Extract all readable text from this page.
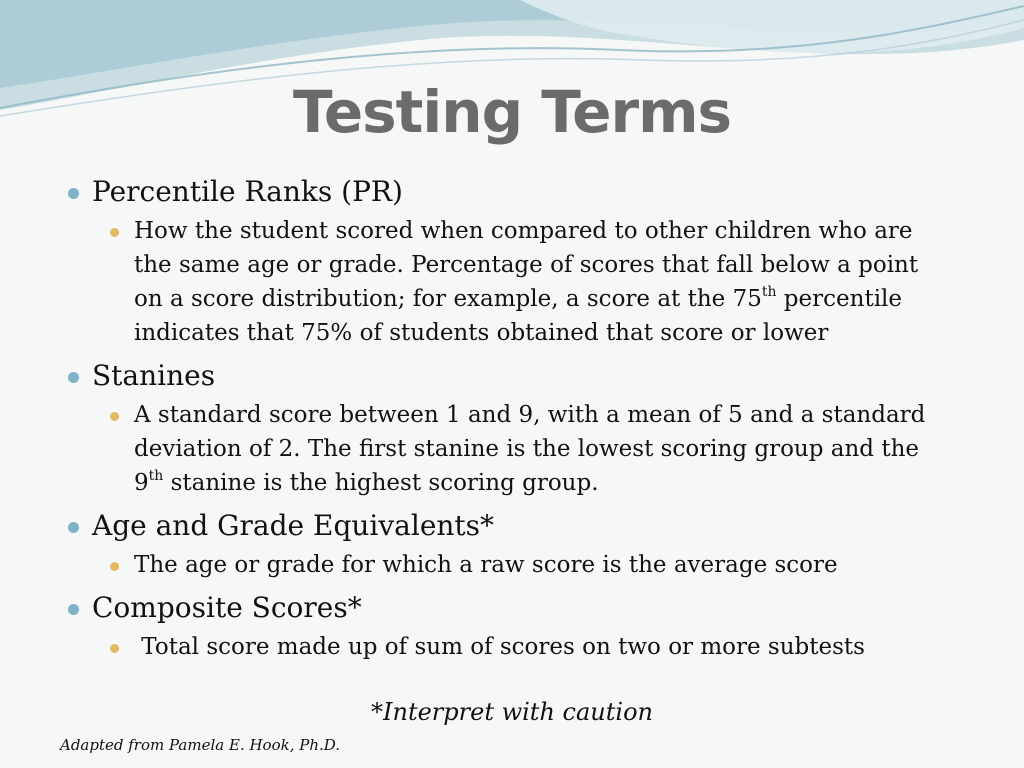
Testing Terms
Percentile Ranks (PR)
How the student scored when compared to other children who are the same age or grade. Percentage of scores that fall below a point on a score distribution; for example, a score at the 75th percentile indicates that 75% of students obtained that score or lower
Stanines
A standard score between 1 and 9, with a mean of 5 and a standard deviation of 2. The first stanine is the lowest scoring group and the 9th stanine is the highest scoring group.
Age and Grade Equivalents*
The age or grade for which a raw score is the average score
Composite Scores*
Total score made up of sum of scores on two or more subtests
*Interpret with caution
Adapted from Pamela E. Hook, Ph.D.
